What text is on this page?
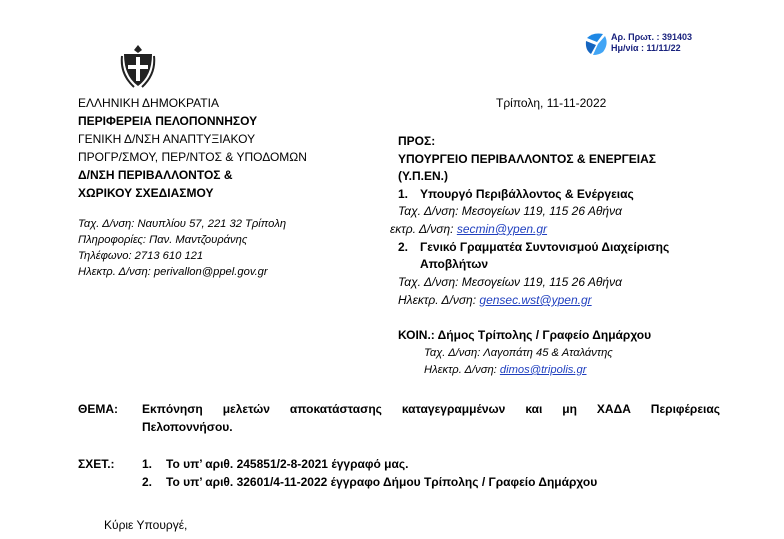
Αρ. Πρωτ. : 391403
Ημ/νία : 11/11/22
ΕΛΛΗΝΙΚΗ ΔΗΜΟΚΡΑΤΙΑ
ΠΕΡΙΦΕΡΕΙΑ ΠΕΛΟΠΟΝΝΗΣΟΥ
ΓΕΝΙΚΗ Δ/ΝΣΗ ΑΝΑΠΤΥΞΙΑΚΟΥ
ΠΡΟΓΡ/ΣΜΟΥ, ΠΕΡ/ΝΤΟΣ & ΥΠΟΔΟΜΩΝ
Δ/ΝΣΗ ΠΕΡΙΒΑΛΛΟΝΤΟΣ &
ΧΩΡΙΚΟΥ ΣΧΕΔΙΑΣΜΟΥ
Ταχ. Δ/νση: Ναυπλίου 57, 221 32 Τρίπολη
Πληροφορίες: Παν. Μαντζουράνης
Τηλέφωνο: 2713 610 121
Ηλεκτρ. Δ/νση: perivallon@ppel.gov.gr
Τρίπολη, 11-11-2022
ΠΡΟΣ:
ΥΠΟΥΡΓΕΙΟ ΠΕΡΙΒΑΛΛΟΝΤΟΣ & ΕΝΕΡΓΕΙΑΣ
(Υ.Π.ΕΝ.)
1. Υπουργό Περιβάλλοντος & Ενέργειας
Ταχ. Δ/νση: Μεσογείων 119, 115 26 Αθήνα
εκτρ. Δ/νση: secmin@ypen.gr
2. Γενικό Γραμματέα Συντονισμού Διαχείρισης
Αποβλήτων
Ταχ. Δ/νση: Μεσογείων 119, 115 26 Αθήνα
Ηλεκτρ. Δ/νση: gensec.wst@ypen.gr
ΚΟΙΝ.: Δήμος Τρίπολης / Γραφείο Δημάρχου
Ταχ. Δ/νση: Λαγοπάτη 45 & Αταλάντης
Ηλεκτρ. Δ/νση: dimos@tripolis.gr
ΘΕΜΑ: Εκπόνηση μελετών αποκατάστασης καταγεγραμμένων και μη ΧΑΔΑ Περιφέρειας
Πελοποννήσου.
ΣΧΕΤ.: 1. Το υπ’ αριθ. 245851/2-8-2021 έγγραφό μας.
2. Το υπ’ αριθ. 32601/4-11-2022 έγγραφο Δήμου Τρίπολης / Γραφείο Δημάρχου
Κύριε Υπουργέ,
